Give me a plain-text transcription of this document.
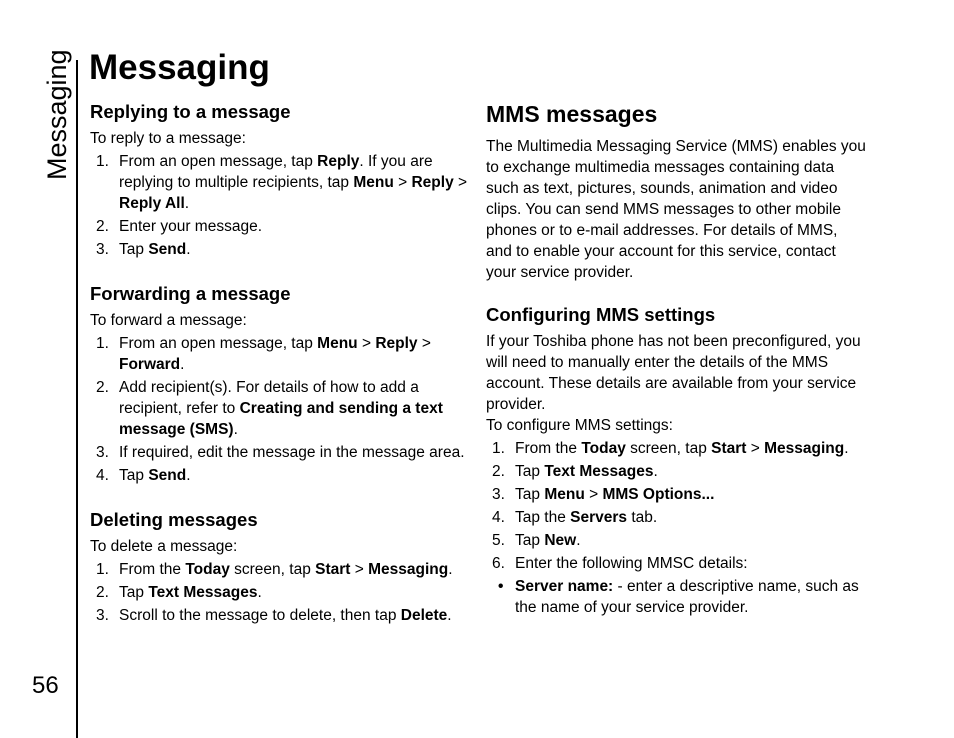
Messaging
56
Messaging
Replying to a message

To reply to a message:

1. From an open message, tap Reply. If you are replying to multiple recipients, tap Menu > Reply > Reply All.
2. Enter your message.
3. Tap Send.
Forwarding a message

To forward a message:

1. From an open message, tap Menu > Reply > Forward.
2. Add recipient(s). For details of how to add a recipient, refer to Creating and sending a text message (SMS).
3. If required, edit the message in the message area.
4. Tap Send.
Deleting messages

To delete a message:

1. From the Today screen, tap Start > Messaging.
2. Tap Text Messages.
3. Scroll to the message to delete, then tap Delete.
MMS messages

The Multimedia Messaging Service (MMS) enables you to exchange multimedia messages containing data such as text, pictures, sounds, animation and video clips. You can send MMS messages to other mobile phones or to e-mail addresses. For details of MMS, and to enable your account for this service, contact your service provider.

Configuring MMS settings

If your Toshiba phone has not been preconfigured, you will need to manually enter the details of the MMS account. These details are available from your service provider.

To configure MMS settings:

1. From the Today screen, tap Start > Messaging.
2. Tap Text Messages.
3. Tap Menu > MMS Options...
4. Tap the Servers tab.
5. Tap New.
6. Enter the following MMSC details:
• Server name: - enter a descriptive name, such as the name of your service provider.
